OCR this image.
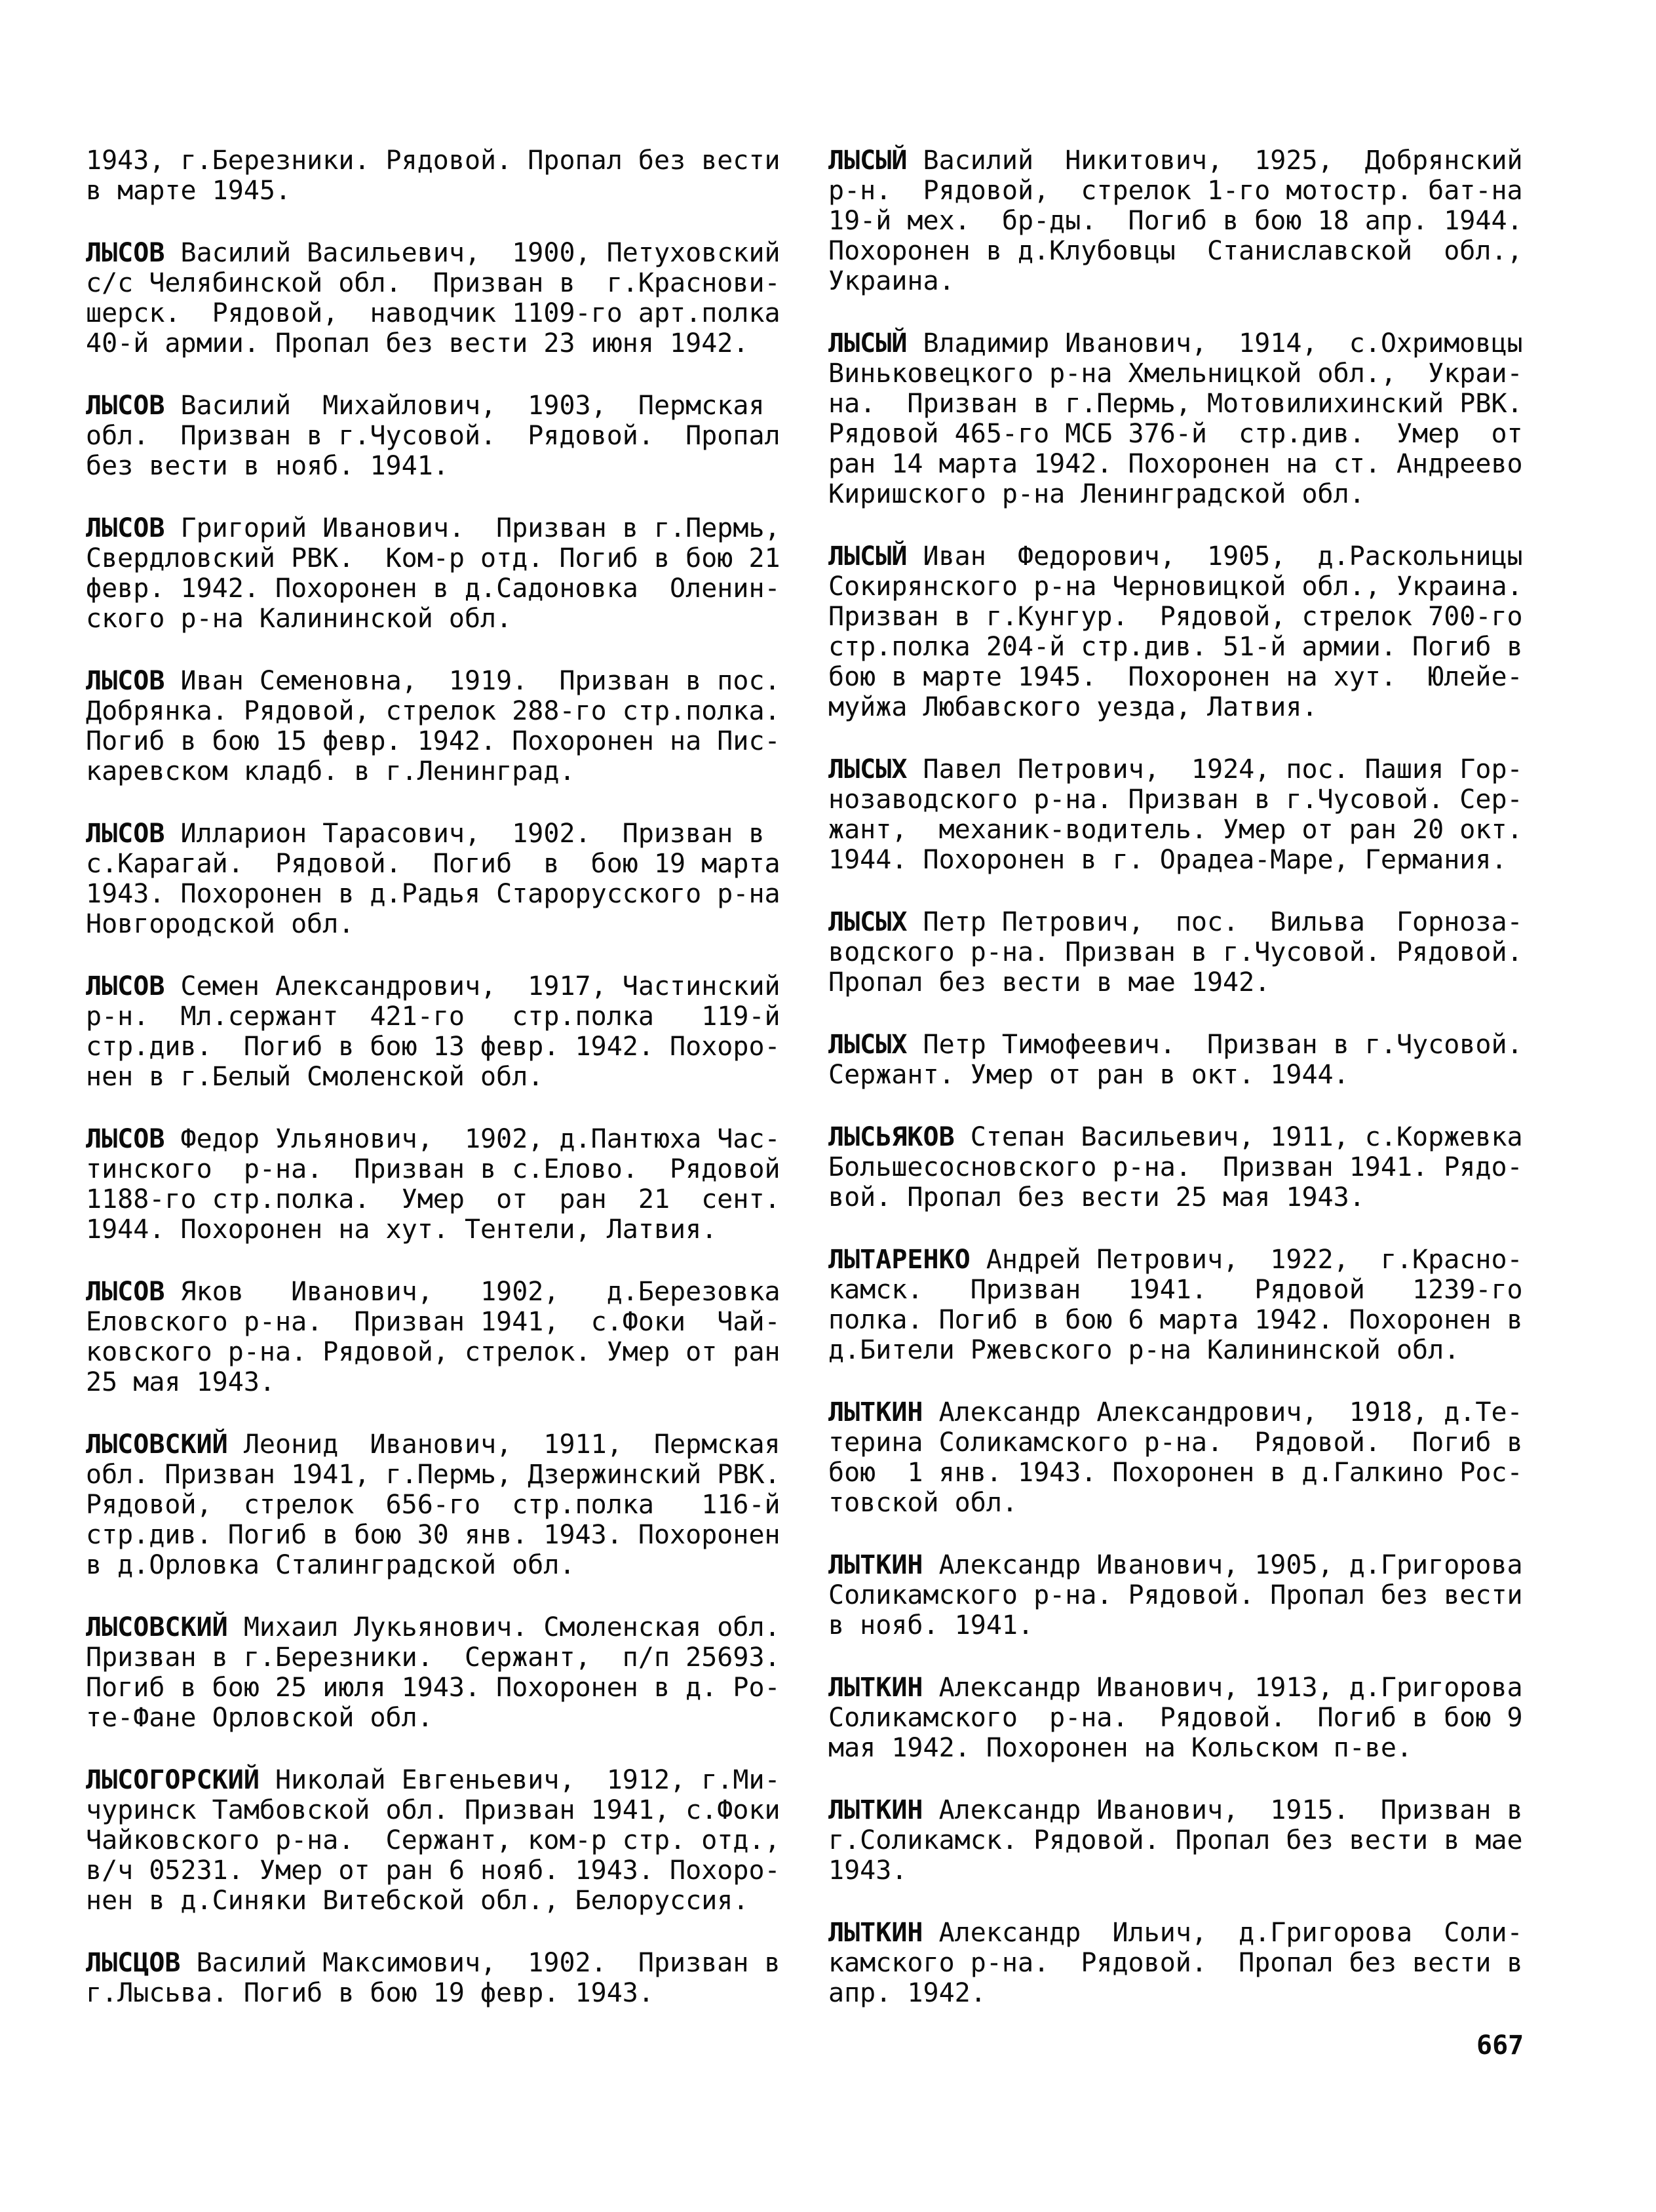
1943, г.Березники. Рядовой. Пропал без вести
в марте 1945.
ЛЫСОВ Василий Васильевич,  1900, Петуховский
с/с Челябинской обл.  Призван в  г.Краснови-
шерск.  Рядовой,  наводчик 1109-го арт.полка
40-й армии. Пропал без вести 23 июня 1942.
ЛЫСОВ Василий  Михайлович,  1903,  Пермская
обл.  Призван в г.Чусовой.  Рядовой.  Пропал
без вести в нояб. 1941.
ЛЫСОВ Григорий Иванович.  Призван в г.Пермь,
Свердловский РВК.  Ком-р отд. Погиб в бою 21
февр. 1942. Похоронен в д.Садоновка  Оленин-
ского р-на Калининской обл.
ЛЫСОВ Иван Семеновна,  1919.  Призван в пос.
Добрянка. Рядовой, стрелок 288-го стр.полка.
Погиб в бою 15 февр. 1942. Похоронен на Пис-
каревском кладб. в г.Ленинград.
ЛЫСОВ Илларион Тарасович,  1902.  Призван в
с.Карагай.  Рядовой.  Погиб  в  бою 19 марта
1943. Похоронен в д.Радья Старорусского р-на
Новгородской обл.
ЛЫСОВ Семен Александрович,  1917, Частинский
р-н.  Мл.сержант  421-го   стр.полка   119-й
стр.див.  Погиб в бою 13 февр. 1942. Похоро-
нен в г.Белый Смоленской обл.
ЛЫСОВ Федор Ульянович,  1902, д.Пантюха Час-
тинского  р-на.  Призван в с.Елово.  Рядовой
1188-го стр.полка.  Умер  от  ран  21  сент.
1944. Похоронен на хут. Тентели, Латвия.
ЛЫСОВ Яков   Иванович,   1902,   д.Березовка
Еловского р-на.  Призван 1941,  с.Фоки  Чай-
ковского р-на. Рядовой, стрелок. Умер от ран
25 мая 1943.
ЛЫСОВСКИЙ Леонид  Иванович,  1911,  Пермская
обл. Призван 1941, г.Пермь, Дзержинский РВК.
Рядовой,  стрелок  656-го  стр.полка   116-й
стр.див. Погиб в бою 30 янв. 1943. Похоронен
в д.Орловка Сталинградской обл.
ЛЫСОВСКИЙ Михаил Лукьянович. Смоленская обл.
Призван в г.Березники.  Сержант,  п/п 25693.
Погиб в бою 25 июля 1943. Похоронен в д. Ро-
те-Фане Орловской обл.
ЛЫСОГОРСКИЙ Николай Евгеньевич,  1912, г.Ми-
чуринск Тамбовской обл. Призван 1941, с.Фоки
Чайковского р-на.  Сержант, ком-р стр. отд.,
в/ч 05231. Умер от ран 6 нояб. 1943. Похоро-
нен в д.Синяки Витебской обл., Белоруссия.
ЛЫСЦОВ Василий Максимович,  1902.  Призван в
г.Лысьва. Погиб в бою 19 февр. 1943.
ЛЫСЫЙ Василий  Никитович,  1925,  Добрянский
р-н.  Рядовой,  стрелок 1-го мотостр. бат-на
19-й мех.  бр-ды.  Погиб в бою 18 апр. 1944.
Похоронен в д.Клубовцы  Станиславской  обл.,
Украина.
ЛЫСЫЙ Владимир Иванович,  1914,  с.Охримовцы
Виньковецкого р-на Хмельницкой обл.,  Украи-
на.  Призван в г.Пермь, Мотовилихинский РВК.
Рядовой 465-го МСБ 376-й  стр.див.  Умер  от
ран 14 марта 1942. Похоронен на ст. Андреево
Киришского р-на Ленинградской обл.
ЛЫСЫЙ Иван  Федорович,  1905,  д.Раскольницы
Сокирянского р-на Черновицкой обл., Украина.
Призван в г.Кунгур.  Рядовой, стрелок 700-го
стр.полка 204-й стр.див. 51-й армии. Погиб в
бою в марте 1945.  Похоронен на хут.  Юлейе-
муйжа Любавского уезда, Латвия.
ЛЫСЫХ Павел Петрович,  1924, пос. Пашия Гор-
нозаводского р-на. Призван в г.Чусовой. Сер-
жант,  механик-водитель. Умер от ран 20 окт.
1944. Похоронен в г. Орадеа-Маре, Германия.
ЛЫСЫХ Петр Петрович,  пос.  Вильва  Горноза-
водского р-на. Призван в г.Чусовой. Рядовой.
Пропал без вести в мае 1942.
ЛЫСЫХ Петр Тимофеевич.  Призван в г.Чусовой.
Сержант. Умер от ран в окт. 1944.
ЛЫСЬЯКОВ Степан Васильевич, 1911, с.Коржевка
Большесосновского р-на.  Призван 1941. Рядо-
вой. Пропал без вести 25 мая 1943.
ЛЫТАРЕНКО Андрей Петрович,  1922,  г.Красно-
камск.   Призван   1941.   Рядовой   1239-го
полка. Погиб в бою 6 марта 1942. Похоронен в
д.Бители Ржевского р-на Калининской обл.
ЛЫТКИН Александр Александрович,  1918, д.Те-
терина Соликамского р-на.  Рядовой.  Погиб в
бою  1 янв. 1943. Похоронен в д.Галкино Рос-
товской обл.
ЛЫТКИН Александр Иванович, 1905, д.Григорова
Соликамского р-на. Рядовой. Пропал без вести
в нояб. 1941.
ЛЫТКИН Александр Иванович, 1913, д.Григорова
Соликамского  р-на.  Рядовой.  Погиб в бою 9
мая 1942. Похоронен на Кольском п-ве.
ЛЫТКИН Александр Иванович,  1915.  Призван в
г.Соликамск. Рядовой. Пропал без вести в мае
1943.
ЛЫТКИН Александр  Ильич,  д.Григорова  Соли-
камского р-на.  Рядовой.  Пропал без вести в
апр. 1942.
667
